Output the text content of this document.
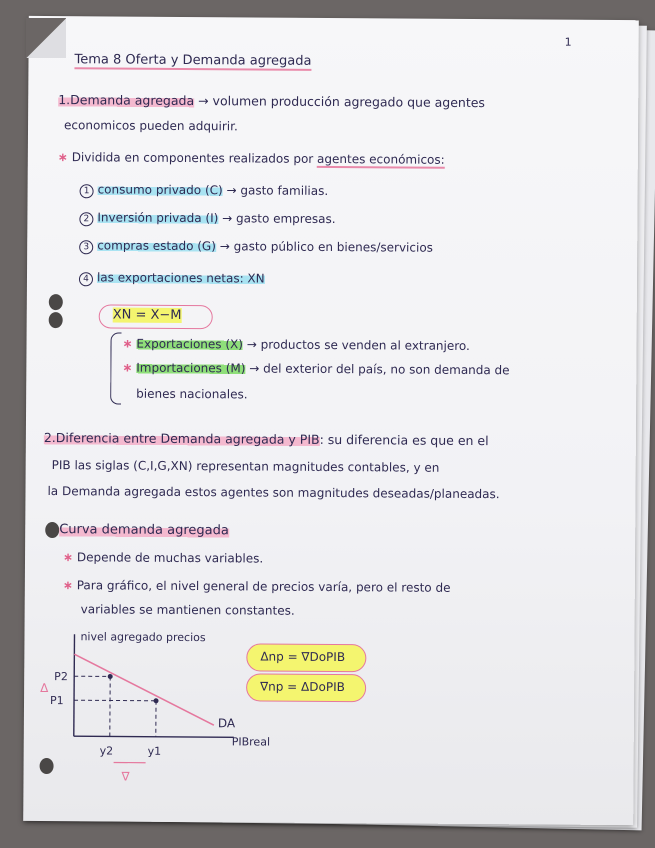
1
Tema 8 Oferta y Demanda agregada
1.Demanda agregada → volumen producción agregado que agentes
economicos pueden adquirir.
∗ Dividida en componentes realizados por agentes económicos:
1 consumo privado (C) → gasto familias.
2 Inversión privada (I) → gasto empresas.
3 compras estado (G) → gasto público en bienes/servicios
4 las exportaciones netas: XN
XN = X−M
∗ Exportaciones (X) → productos se venden al extranjero.
∗ Importaciones (M) → del exterior del país, no son demanda de
bienes nacionales.
2.Diferencia entre Demanda agregada y PIB: su diferencia es que en el
PIB las siglas (C,I,G,XN) representan magnitudes contables, y en
la Demanda agregada estos agentes son magnitudes deseadas/planeadas.
Curva demanda agregada
∗ Depende de muchas variables.
∗ Para gráfico, el nivel general de precios varía, pero el resto de
variables se mantienen constantes.
nivel agregado precios
P2
P1
Δ
y2	y1
DA
PIBreal
∇
Δnp = ∇DoPIB
∇np = ΔDoPIB
